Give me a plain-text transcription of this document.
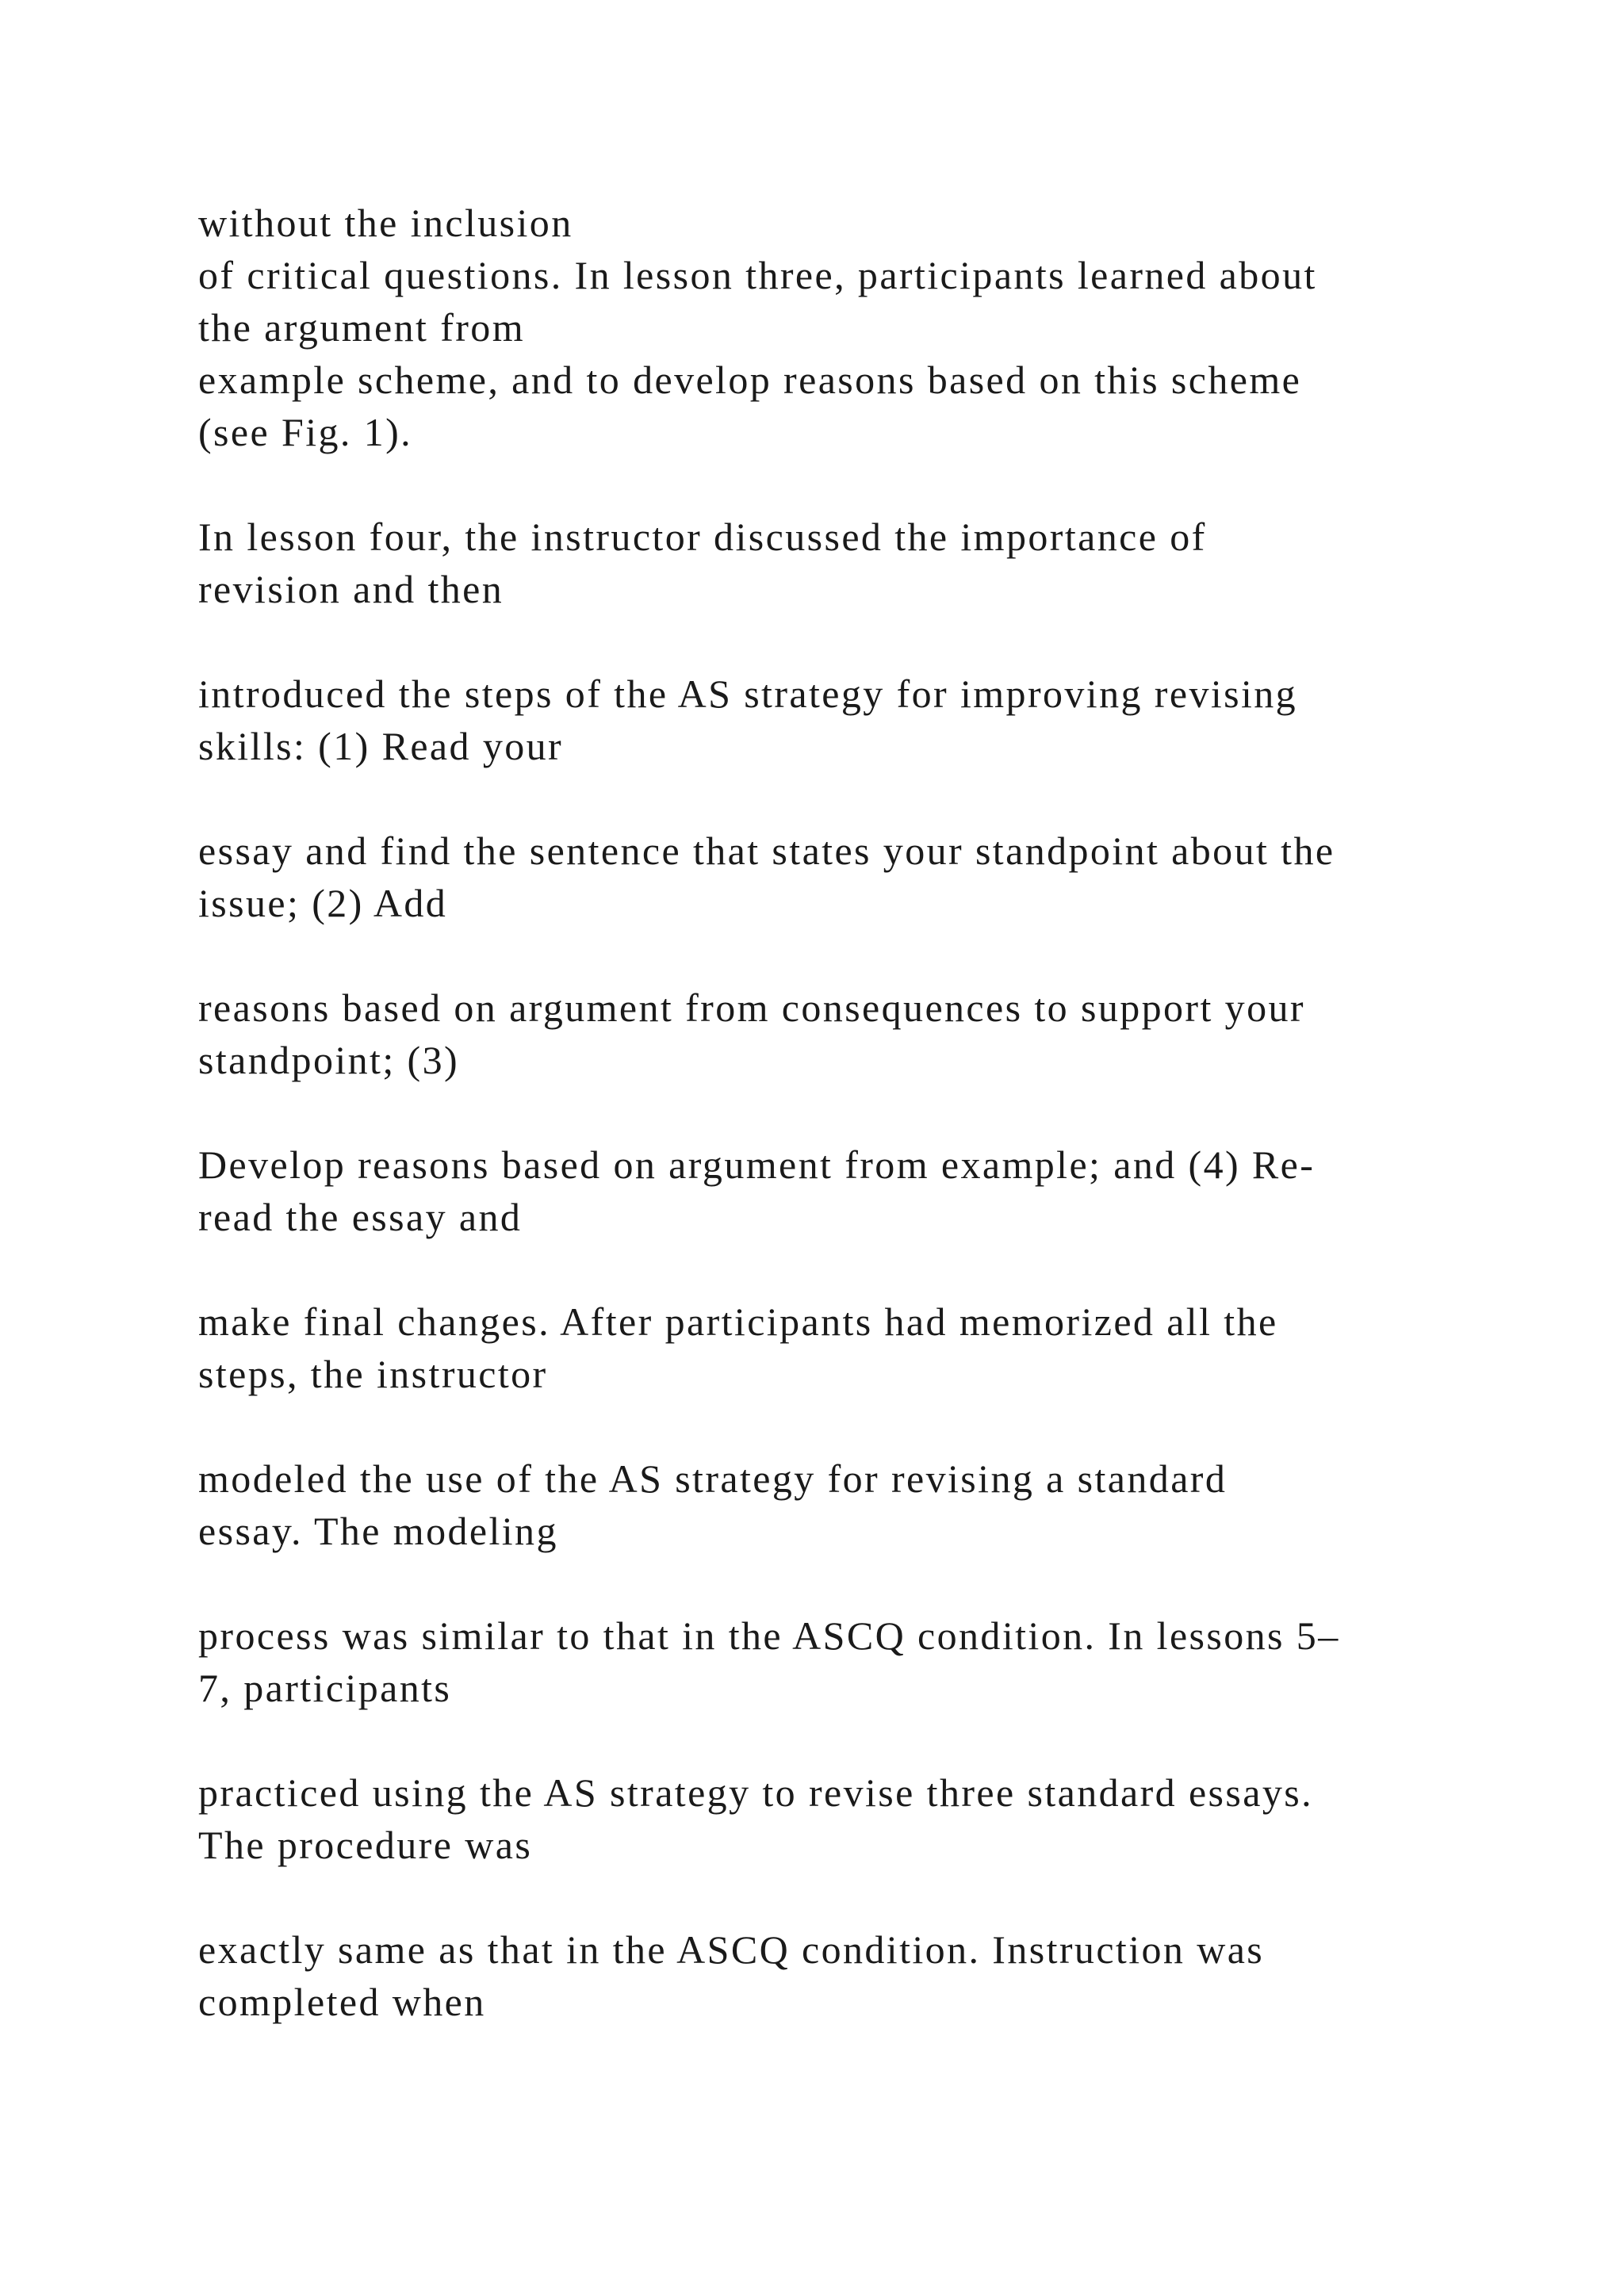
without the inclusion
of critical questions. In lesson three, participants learned about
the argument from
example scheme, and to develop reasons based on this scheme
(see Fig. 1).

In lesson four, the instructor discussed the importance of
revision and then

introduced the steps of the AS strategy for improving revising
skills: (1) Read your

essay and find the sentence that states your standpoint about the
issue; (2) Add

reasons based on argument from consequences to support your
standpoint; (3)

Develop reasons based on argument from example; and (4) Re-
read the essay and

make final changes. After participants had memorized all the
steps, the instructor

modeled the use of the AS strategy for revising a standard
essay. The modeling

process was similar to that in the ASCQ condition. In lessons 5–
7, participants

practiced using the AS strategy to revise three standard essays.
The procedure was

exactly same as that in the ASCQ condition. Instruction was
completed when
